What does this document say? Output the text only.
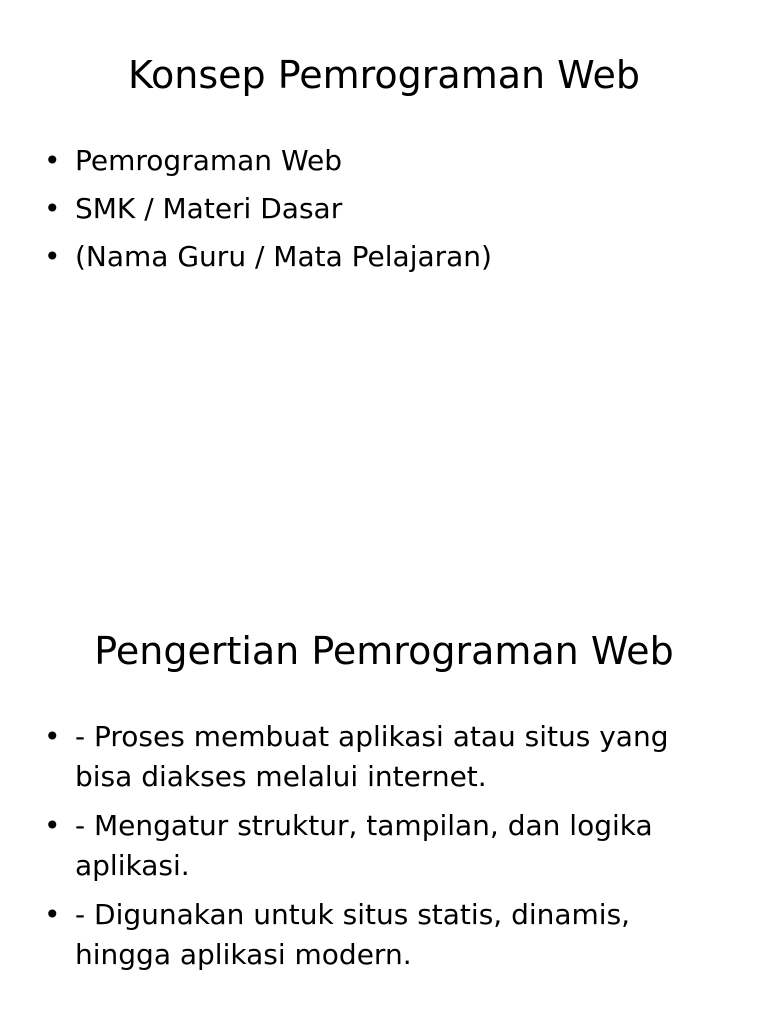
Konsep Pemrograman Web
• Pemrograman Web
• SMK / Materi Dasar
• (Nama Guru / Mata Pelajaran)
Pengertian Pemrograman Web
• - Proses membuat aplikasi atau situs yang bisa diakses melalui internet.
• - Mengatur struktur, tampilan, dan logika aplikasi.
• - Digunakan untuk situs statis, dinamis, hingga aplikasi modern.
